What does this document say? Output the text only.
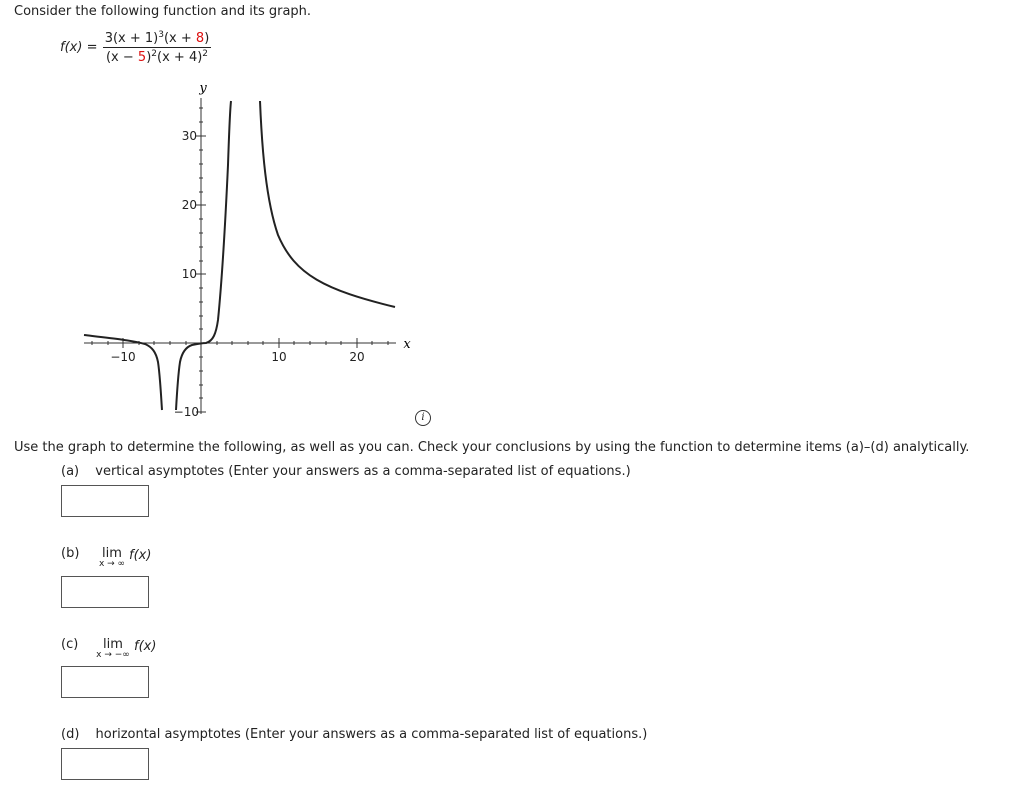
Consider the following function and its graph.
f(x) =
$3(x + 1)^3(x + 8)$
$(x - 5)^2(x + 4)^2$
−10	10	20
30
20
10
−10
y
x
i
Use the graph to determine the following, as well as you can. Check your conclusions by using the function to determine items (a)–(d) analytically.
(a) vertical asymptotes (Enter your answers as a comma-separated list of equations.)
(b)	lim
x → ∞
f(x)
(c)	lim
x → −∞
f(x)
(d) horizontal asymptotes (Enter your answers as a comma-separated list of equations.)
